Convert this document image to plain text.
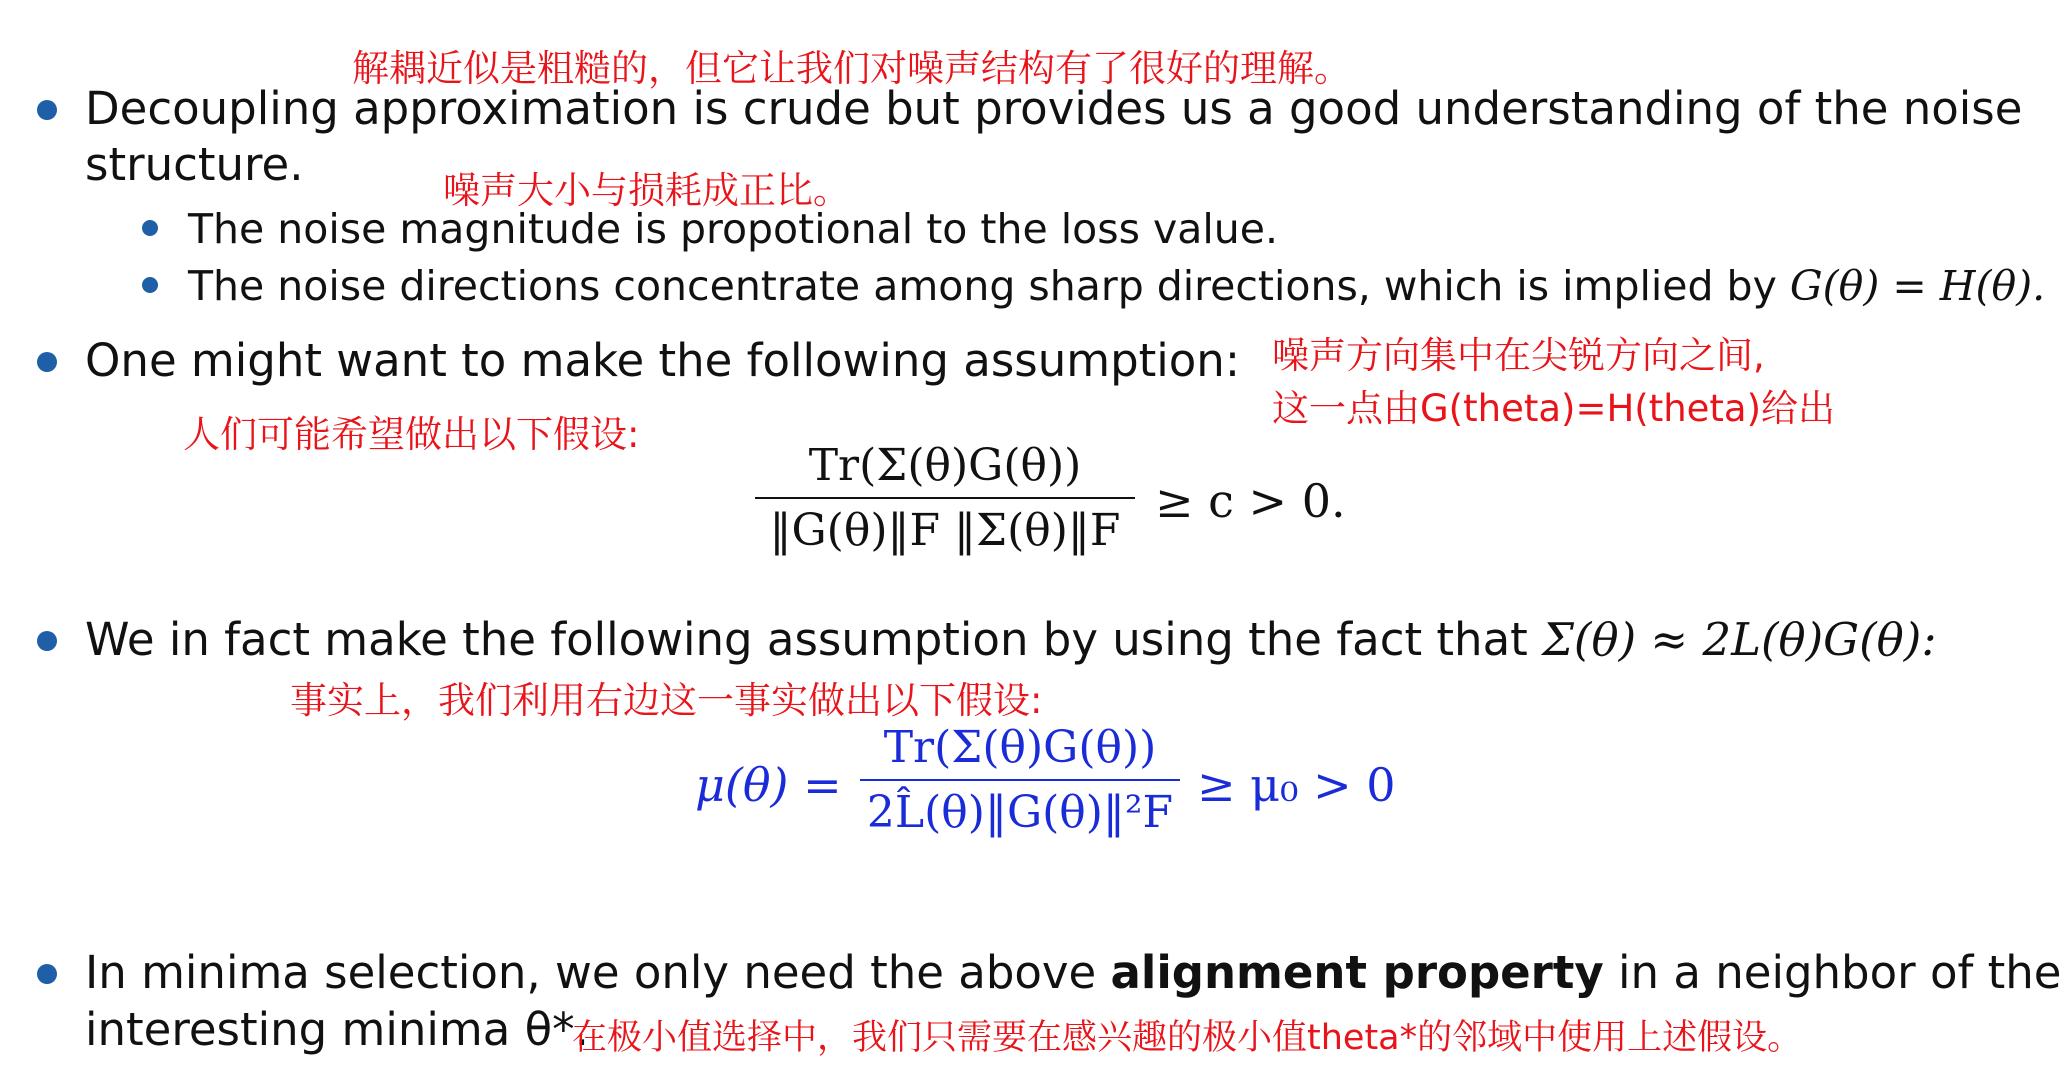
解耦近似是粗糙的，但它让我们对噪声结构有了很好的理解。
Decoupling approximation is crude but provides us a good understanding of the noise
structure.	噪声大小与损耗成正比。
The noise magnitude is propotional to the loss value.
The noise directions concentrate among sharp directions, which is implied by G(θ) = H(θ).
噪声方向集中在尖锐方向之间,
这一点由G(theta)=H(theta)给出
One might want to make the following assumption:
人们可能希望做出以下假设:
Tr(Σ(θ)G(θ))
‖G(θ)‖F ‖Σ(θ)‖F
≥ c > 0.
We in fact make the following assumption by using the fact that Σ(θ) ≈ 2L(θ)G(θ):
事实上，我们利用右边这一事实做出以下假设:
μ(θ) =
Tr(Σ(θ)G(θ))
2L̂(θ)‖G(θ)‖²F
≥ μ₀ > 0
In minima selection, we only need the above alignment property in a neighbor of the
interesting minima θ*.
在极小值选择中，我们只需要在感兴趣的极小值theta*的邻域中使用上述假设。
